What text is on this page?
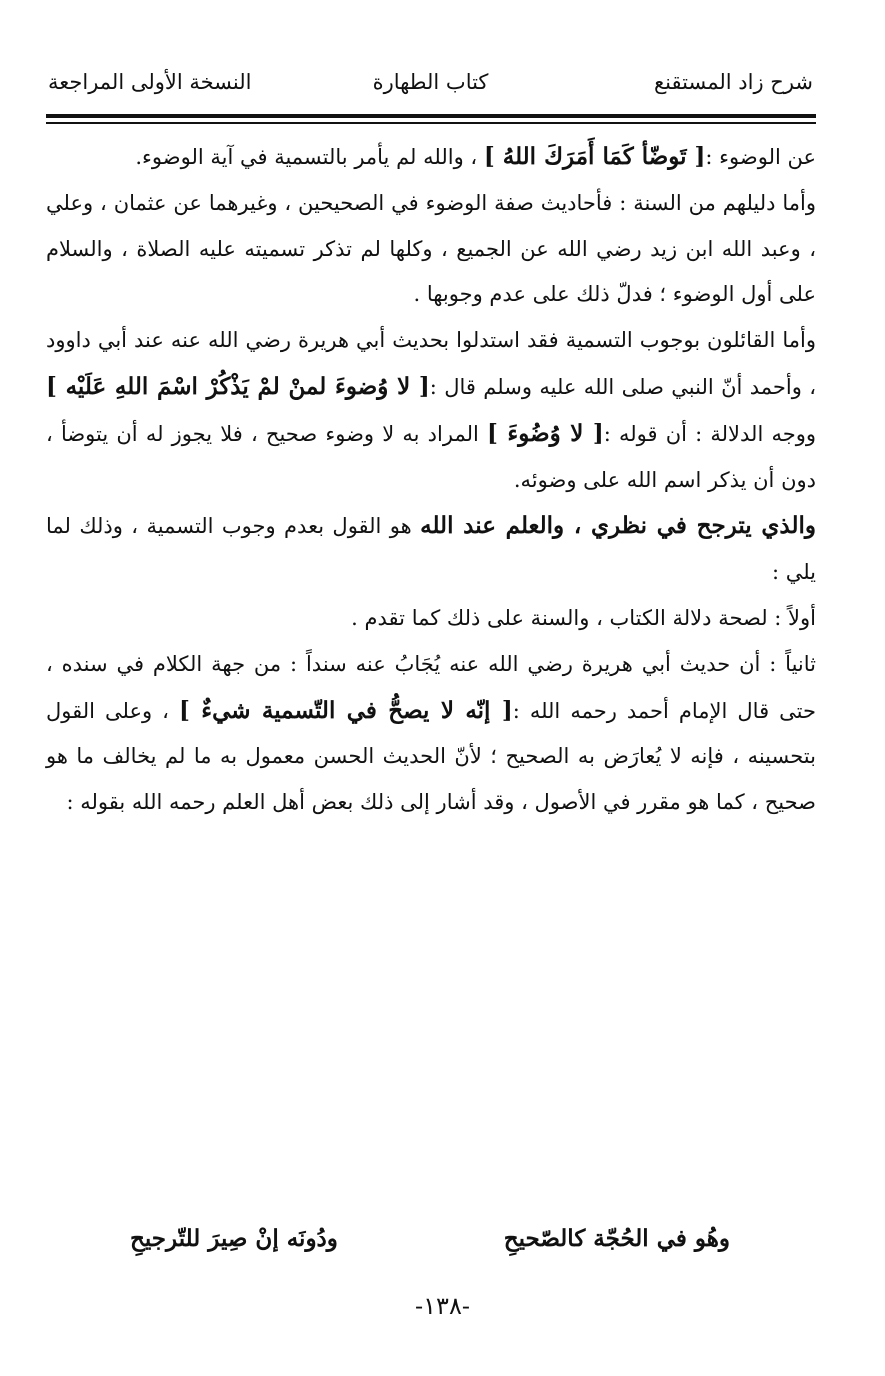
شرح زاد المستقنع
كتاب الطهارة
النسخة الأولى المراجعة

عن الوضوء :[ تَوضّأ كَمَا أَمَرَكَ اللهُ ] ، والله لم يأمر بالتسمية في آية الوضوء.

وأما دليلهم من السنة : فأحاديث صفة الوضوء في الصحيحين ، وغيرهما عن عثمان ، وعلي ، وعبد الله ابن زيد رضي الله عن الجميع ، وكلها لم تذكر تسميته عليه الصلاة ، والسلام على أول الوضوء ؛ فدلّ ذلك على عدم وجوبها .

وأما القائلون بوجوب التسمية فقد استدلوا بحديث أبي هريرة رضي الله عنه عند أبي داوود ، وأحمد أنّ النبي صلى الله عليه وسلم قال :[ لا وُضوءَ لمنْ لمْ يَذْكُرْ اسْمَ اللهِ عَلَيْه ] ووجه الدلالة : أن قوله :[ لا وُضُوءَ ] المراد به لا وضوء صحيح ، فلا يجوز له أن يتوضأ ، دون أن يذكر اسم الله على وضوئه.

والذي يترجح في نظري ، والعلم عند الله هو القول بعدم وجوب التسمية ، وذلك لما يلي :

أولاً : لصحة دلالة الكتاب ، والسنة على ذلك كما تقدم .

ثانياً : أن حديث أبي هريرة رضي الله عنه يُجَابُ عنه سنداً : من جهة الكلام في سنده ، حتى قال الإمام أحمد رحمه الله :[ إنّه لا يصحُّ في التّسمية شيءٌ ] ، وعلى القول بتحسينه ، فإنه لا يُعارَض به الصحيح ؛ لأنّ الحديث الحسن معمول به ما لم يخالف ما هو صحيح ، كما هو مقرر في الأصول ، وقد أشار إلى ذلك بعض أهل العلم رحمه الله بقوله :

وهُو في الحُجّة كالصّحيحِ
ودُونَه إنْ صِيرَ للتّرجيحِ
-١٣٨-
